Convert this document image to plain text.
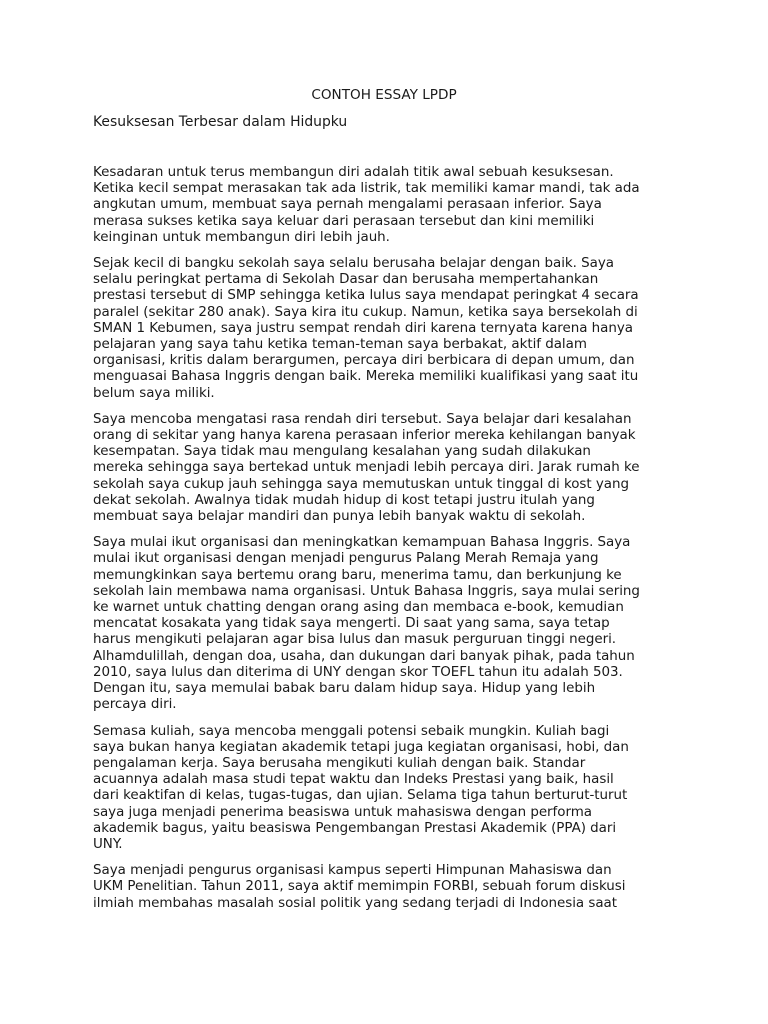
CONTOH ESSAY LPDP
Kesuksesan Terbesar dalam Hidupku

Kesadaran untuk terus membangun diri adalah titik awal sebuah kesuksesan.
Ketika kecil sempat merasakan tak ada listrik, tak memiliki kamar mandi, tak ada
angkutan umum, membuat saya pernah mengalami perasaan inferior. Saya
merasa sukses ketika saya keluar dari perasaan tersebut dan kini memiliki
keinginan untuk membangun diri lebih jauh.

Sejak kecil di bangku sekolah saya selalu berusaha belajar dengan baik. Saya
selalu peringkat pertama di Sekolah Dasar dan berusaha mempertahankan
prestasi tersebut di SMP sehingga ketika lulus saya mendapat peringkat 4 secara
paralel (sekitar 280 anak). Saya kira itu cukup. Namun, ketika saya bersekolah di
SMAN 1 Kebumen, saya justru sempat rendah diri karena ternyata karena hanya
pelajaran yang saya tahu ketika teman-teman saya berbakat, aktif dalam
organisasi, kritis dalam berargumen, percaya diri berbicara di depan umum, dan
menguasai Bahasa Inggris dengan baik. Mereka memiliki kualifikasi yang saat itu
belum saya miliki.

Saya mencoba mengatasi rasa rendah diri tersebut. Saya belajar dari kesalahan
orang di sekitar yang hanya karena perasaan inferior mereka kehilangan banyak
kesempatan. Saya tidak mau mengulang kesalahan yang sudah dilakukan
mereka sehingga saya bertekad untuk menjadi lebih percaya diri. Jarak rumah ke
sekolah saya cukup jauh sehingga saya memutuskan untuk tinggal di kost yang
dekat sekolah. Awalnya tidak mudah hidup di kost tetapi justru itulah yang
membuat saya belajar mandiri dan punya lebih banyak waktu di sekolah.

Saya mulai ikut organisasi dan meningkatkan kemampuan Bahasa Inggris. Saya
mulai ikut organisasi dengan menjadi pengurus Palang Merah Remaja yang
memungkinkan saya bertemu orang baru, menerima tamu, dan berkunjung ke
sekolah lain membawa nama organisasi. Untuk Bahasa Inggris, saya mulai sering
ke warnet untuk chatting dengan orang asing dan membaca e-book, kemudian
mencatat kosakata yang tidak saya mengerti. Di saat yang sama, saya tetap
harus mengikuti pelajaran agar bisa lulus dan masuk perguruan tinggi negeri.
Alhamdulillah, dengan doa, usaha, dan dukungan dari banyak pihak, pada tahun
2010, saya lulus dan diterima di UNY dengan skor TOEFL tahun itu adalah 503.
Dengan itu, saya memulai babak baru dalam hidup saya. Hidup yang lebih
percaya diri.

Semasa kuliah, saya mencoba menggali potensi sebaik mungkin. Kuliah bagi
saya bukan hanya kegiatan akademik tetapi juga kegiatan organisasi, hobi, dan
pengalaman kerja. Saya berusaha mengikuti kuliah dengan baik. Standar
acuannya adalah masa studi tepat waktu dan Indeks Prestasi yang baik, hasil
dari keaktifan di kelas, tugas-tugas, dan ujian. Selama tiga tahun berturut-turut
saya juga menjadi penerima beasiswa untuk mahasiswa dengan performa
akademik bagus, yaitu beasiswa Pengembangan Prestasi Akademik (PPA) dari
UNY.

Saya menjadi pengurus organisasi kampus seperti Himpunan Mahasiswa dan
UKM Penelitian. Tahun 2011, saya aktif memimpin FORBI, sebuah forum diskusi
ilmiah membahas masalah sosial politik yang sedang terjadi di Indonesia saat
